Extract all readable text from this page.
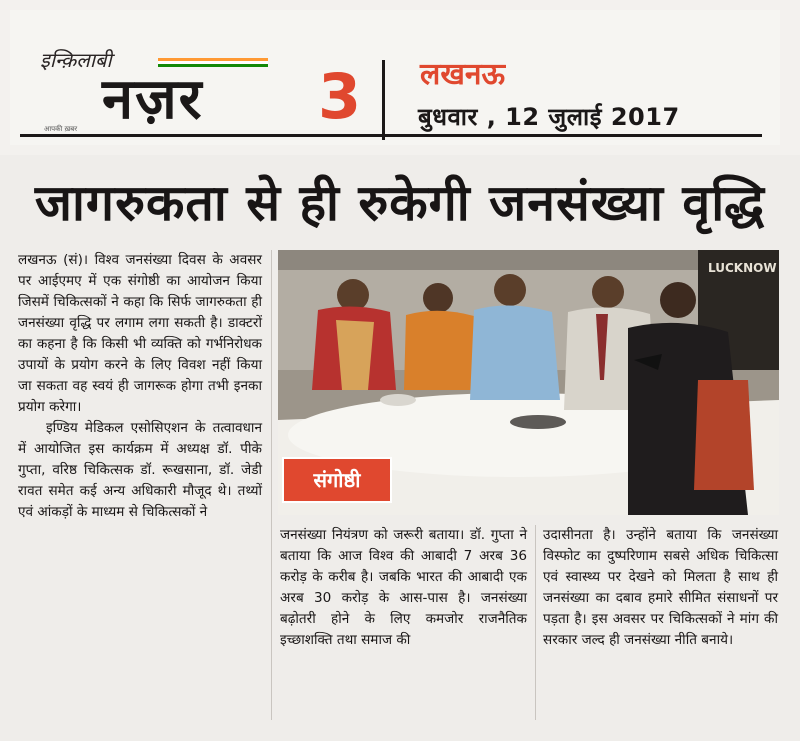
इन्क़िलाबी
नज़र
आपकी ख़बर	3 लखनऊ
बुधवार , 12 जुलाई 2017
जागरुकता से ही रुकेगी जनसंख्या वृद्धि

लखनऊ (सं)। विश्व जनसंख्या दिवस के अवसर पर आईएमए में एक संगोष्ठी का आयोजन किया जिसमें चिकित्सकों ने कहा कि सिर्फ जागरुकता ही जनसंख्या वृद्धि पर लगाम लगा सकती है। डाक्टरों का कहना है कि किसी भी व्यक्ति को गर्भनिरोधक उपायों के प्रयोग करने के लिए विवश नहीं किया जा सकता वह स्वयं ही जागरूक होगा तभी इनका प्रयोग करेगा।

इण्डिय मेडिकल एसोसिएशन के तत्वावधान में आयोजित इस कार्यक्रम में अध्यक्ष डॉ. पीके गुप्ता, वरिष्ठ चिकित्सक डॉ. रूखसाना, डॉ. जेडी रावत समेत कई अन्य अधिकारी मौजूद थे। तथ्यों एवं आंकड़ों के माध्यम से चिकित्सकों ने

LUCKNOW
संगोष्ठी

जनसंख्या नियंत्रण को जरूरी बताया। डॉ. गुप्ता ने बताया कि आज विश्व की आबादी 7 अरब 36 करोड़ के करीब है। जबकि भारत की आबादी एक अरब 30 करोड़ के आस-पास है। जनसंख्या बढ़ोतरी होने के लिए कमजोर राजनैतिक इच्छाशक्ति तथा समाज की

उदासीनता है। उन्होंने बताया कि जनसंख्या विस्फोट का दुष्परिणाम सबसे अधिक चिकित्सा एवं स्वास्थ्य पर देखने को मिलता है साथ ही जनसंख्या का दबाव हमारे सीमित संसाधनों पर पड़ता है। इस अवसर पर चिकित्सकों ने मांग की सरकार जल्द ही जनसंख्या नीति बनाये।
